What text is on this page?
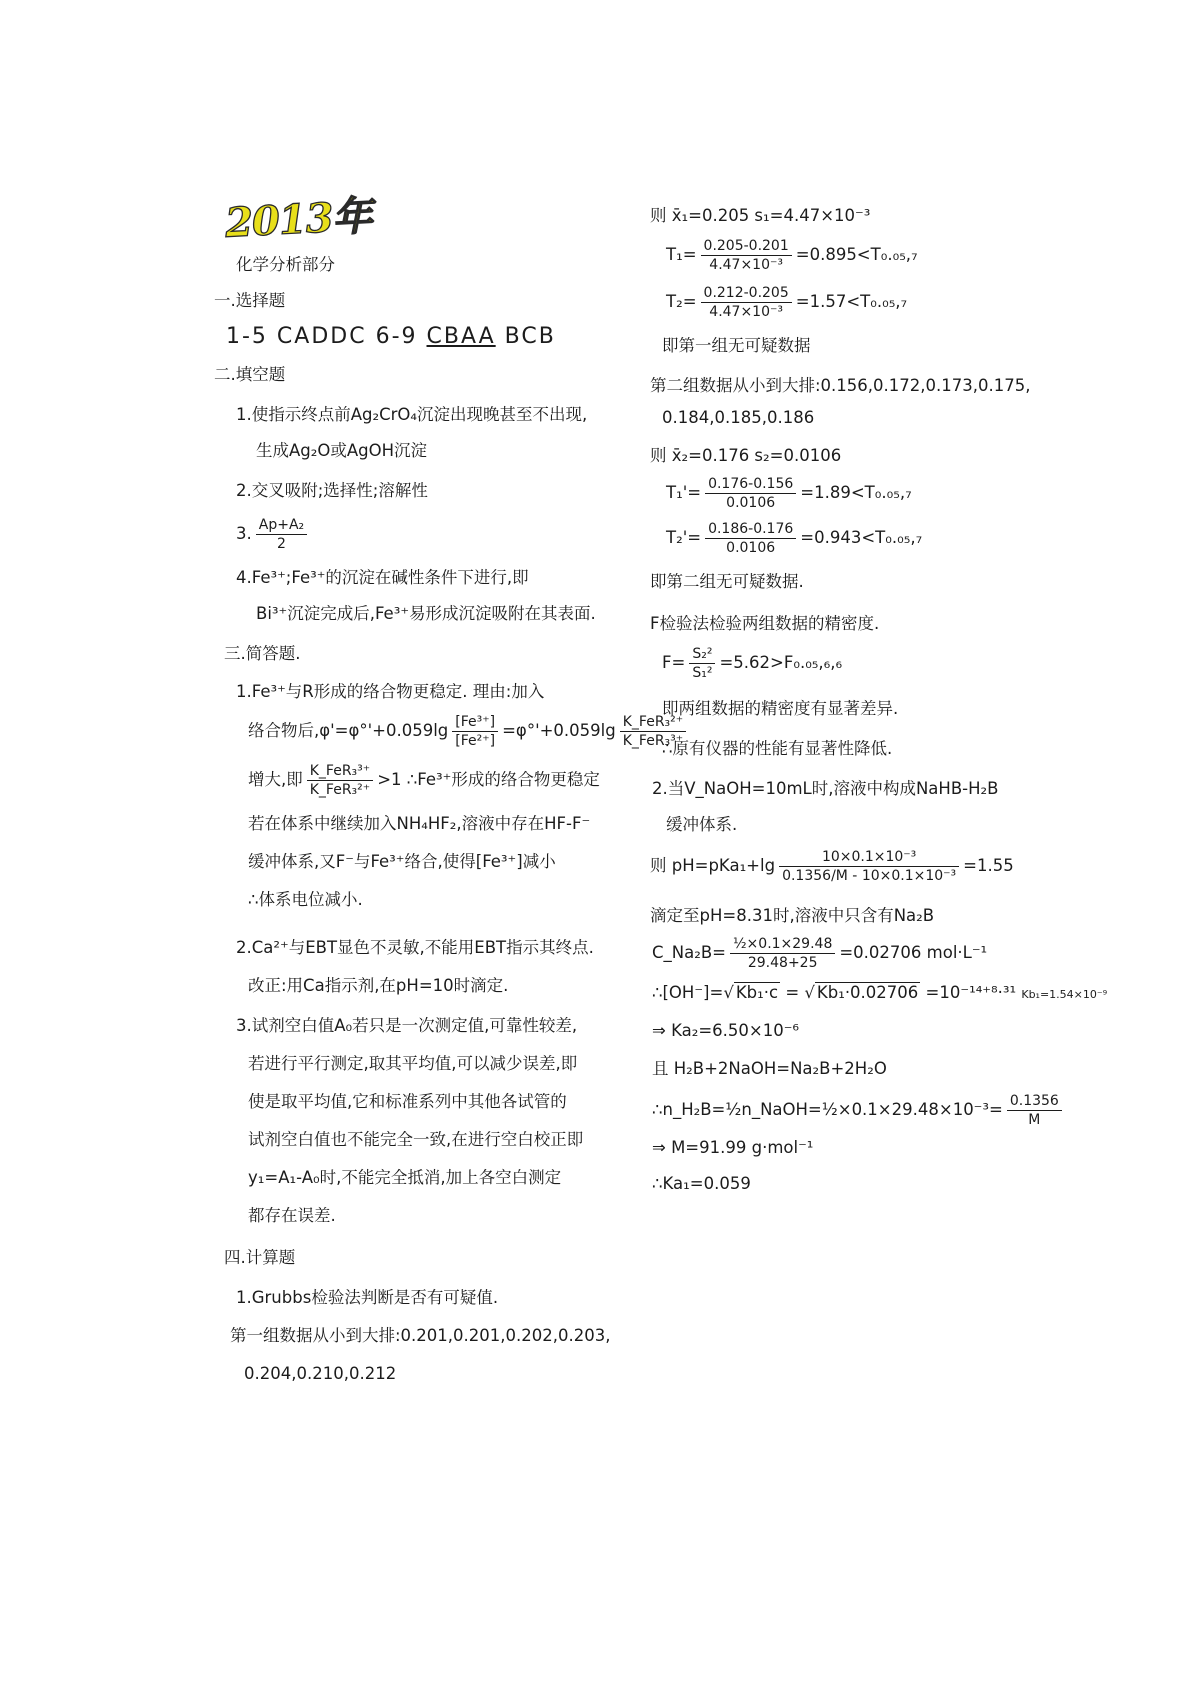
2013年
化学分析部分
一.选择题
1-5 CADDC 6-9 CBAA BCB
二.填空题
1.使指示终点前Ag₂CrO₄沉淀出现晚甚至不出现,
生成Ag₂O或AgOH沉淀
2.交叉吸附;选择性;溶解性
3. $\frac{\text{Ap+A₂}}{2}$
4.Fe³⁺;Fe³⁺的沉淀在碱性条件下进行,即
Bi³⁺沉淀完成后,Fe³⁺易形成沉淀吸附在其表面.
三.简答题.
1.Fe³⁺与R形成的络合物更稳定. 理由:加入
络合物后$,\varphi'=\varphi^\circ'+0.059\lg \frac{\text{[Fe³⁺]}}{\text{[Fe²⁺]}} =\varphi^\circ'+0.059\lg \frac{\text{K\_FeR₃²⁺}}{\text{K\_FeR₃³⁺}}$
增大,即 $\frac{\text{K\_FeR₃³⁺}}{\text{K\_FeR₃²⁺}} >1$ ∴Fe³⁺形成的络合物更稳定
若在体系中继续加入NH₄HF₂,溶液中存在HF-F⁻
缓冲体系,又F⁻与Fe³⁺络合,使得[Fe³⁺]减小
∴体系电位减小.
2.Ca²⁺与EBT显色不灵敏,不能用EBT指示其终点.
改正:用Ca指示剂,在pH=10时滴定.
3.试剂空白值A₀若只是一次测定值,可靠性较差,
若进行平行测定,取其平均值,可以减少误差,即
使是取平均值,它和标准系列中其他各试管的
试剂空白值也不能完全一致,在进行空白校正即
y₁=A₁-A₀时,不能完全抵消,加上各空白测定
都存在误差.
四.计算题
1.Grubbs检验法判断是否有可疑值.
第一组数据从小到大排:0.201,0.201,0.202,0.203,
0.204,0.210,0.212
则 x̄₁=0.205 s₁=4.47×10⁻³
$T_1= \frac{0.205-0.201}{\text{4.47×10⁻³}} =0.895<T_0._{05},_7$
$T_2= \frac{0.212-0.205}{\text{4.47×10⁻³}} =1.57<T_0._{05},_7$
即第一组无可疑数据
第二组数据从小到大排:0.156,0.172,0.173,0.175,
0.184,0.185,0.186
则 x̄₂=0.176 s₂=0.0106
$T_1'= \frac{0.176-0.156}{0.0106} =1.89<T_0._{05},_7$
$T_2'= \frac{0.186-0.176}{0.0106} =0.943<T_0._{05},_7$
即第二组无可疑数据.
F检验法检验两组数据的精密度.
$F= \frac{\text{S₂²}}{\text{S₁²}} =5.62>F_0._{05},_6,_6$
即两组数据的精密度有显著差异.
∴原有仪器的性能有显著性降低.
2.当V_NaOH=10mL时,溶液中构成NaHB-H₂B
缓冲体系.
则 $pH=pKa_1+\lg \frac{\text{10×0.1×10⁻³}}{\text{0.1356/M - 10×0.1×10⁻³}} =1.55$
滴定至pH=8.31时,溶液中只含有Na₂B
C_Na₂B= $\frac{\text{½×0.1×29.48}}{29.48+25} =0.02706$ mol·L⁻¹
∴[OH⁻]=√ Kb₁·c = √ Kb₁·0.02706 =10⁻¹⁴⁺⁸·³¹ Kb₁=1.54×10⁻⁹
⇒ Ka₂=6.50×10⁻⁶
且 H₂B+2NaOH=Na₂B+2H₂O
∴n_H₂B=½n_NaOH=½×0.1×29.48×10⁻³= $\frac{0.1356}{M}$
⇒ M=91.99 g·mol⁻¹
∴Ka₁=0.059
